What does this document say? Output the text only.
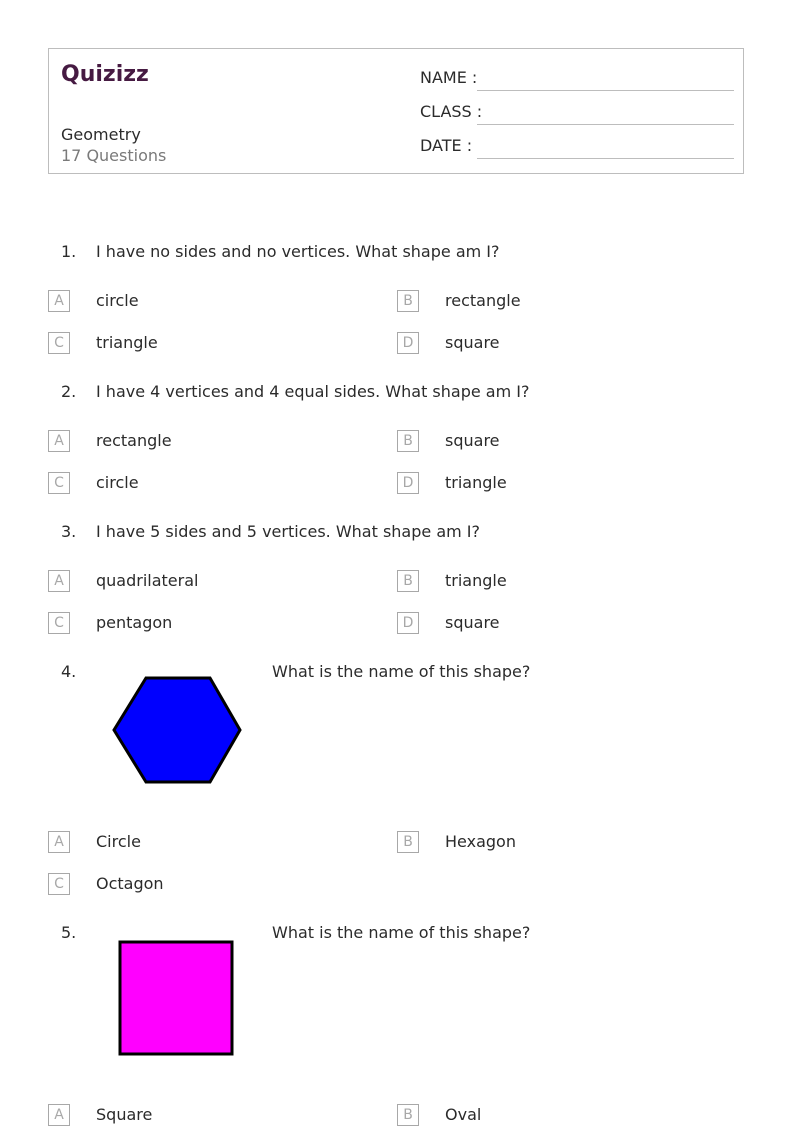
Quizizz
Geometry
17 Questions
NAME :
CLASS :
DATE :
1. I have no sides and no vertices. What shape am I?
A	circle	B	rectangle
C	triangle	D	square
2. I have 4 vertices and 4 equal sides. What shape am I?
A	rectangle	B	square
C	circle	D	triangle
3. I have 5 sides and 5 vertices. What shape am I?
A	quadrilateral	B	triangle
C	pentagon	D	square
4.	What is the name of this shape?
A	Circle	B	Hexagon
C	Octagon
5.	What is the name of this shape?
A	Square	B	Oval
